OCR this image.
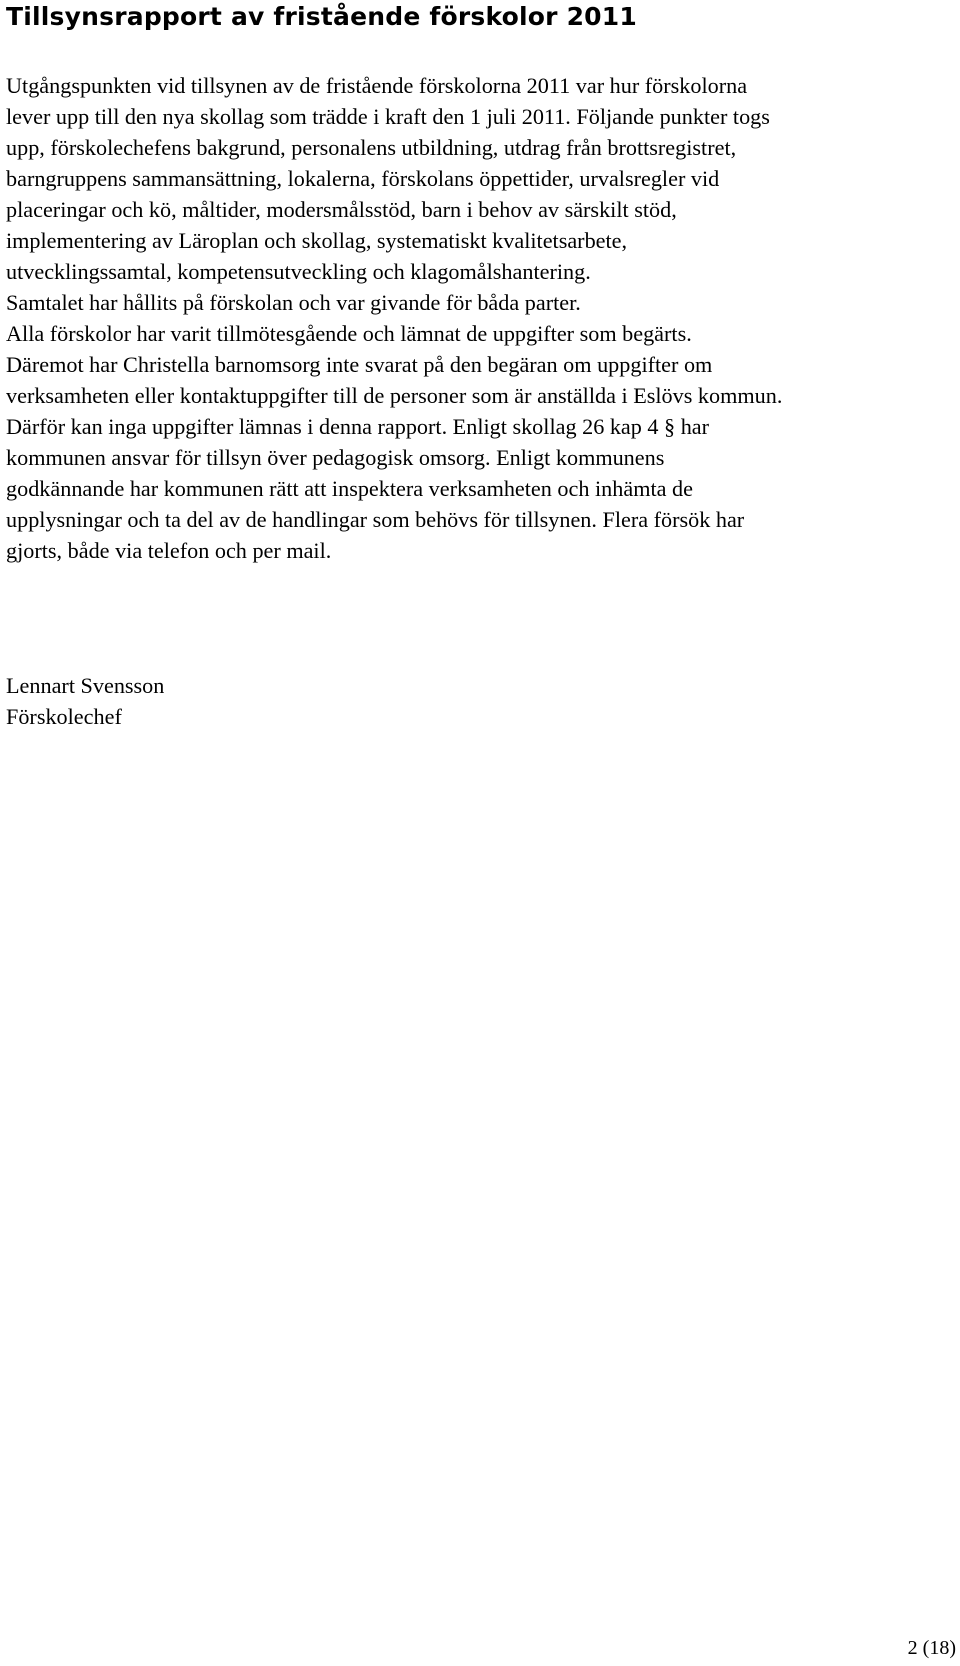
Tillsynsrapport av fristående förskolor 2011
Utgångspunkten vid tillsynen av de fristående förskolorna 2011 var hur förskolorna
lever upp till den nya skollag som trädde i kraft den 1 juli 2011. Följande punkter togs
upp, förskolechefens bakgrund, personalens utbildning, utdrag från brottsregistret,
barngruppens sammansättning, lokalerna, förskolans öppettider, urvalsregler vid
placeringar och kö, måltider, modersmålsstöd, barn i behov av särskilt stöd,
implementering av Läroplan och skollag, systematiskt kvalitetsarbete,
utvecklingssamtal, kompetensutveckling och klagomålshantering.
Samtalet har hållits på förskolan och var givande för båda parter.
Alla förskolor har varit tillmötesgående och lämnat de uppgifter som begärts.
Däremot har Christella barnomsorg inte svarat på den begäran om uppgifter om
verksamheten eller kontaktuppgifter till de personer som är anställda i Eslövs kommun.
Därför kan inga uppgifter lämnas i denna rapport. Enligt skollag 26 kap 4 § har
kommunen ansvar för tillsyn över pedagogisk omsorg. Enligt kommunens
godkännande har kommunen rätt att inspektera verksamheten och inhämta de
upplysningar och ta del av de handlingar som behövs för tillsynen. Flera försök har
gjorts, både via telefon och per mail.
Lennart Svensson
Förskolechef
2 (18)
